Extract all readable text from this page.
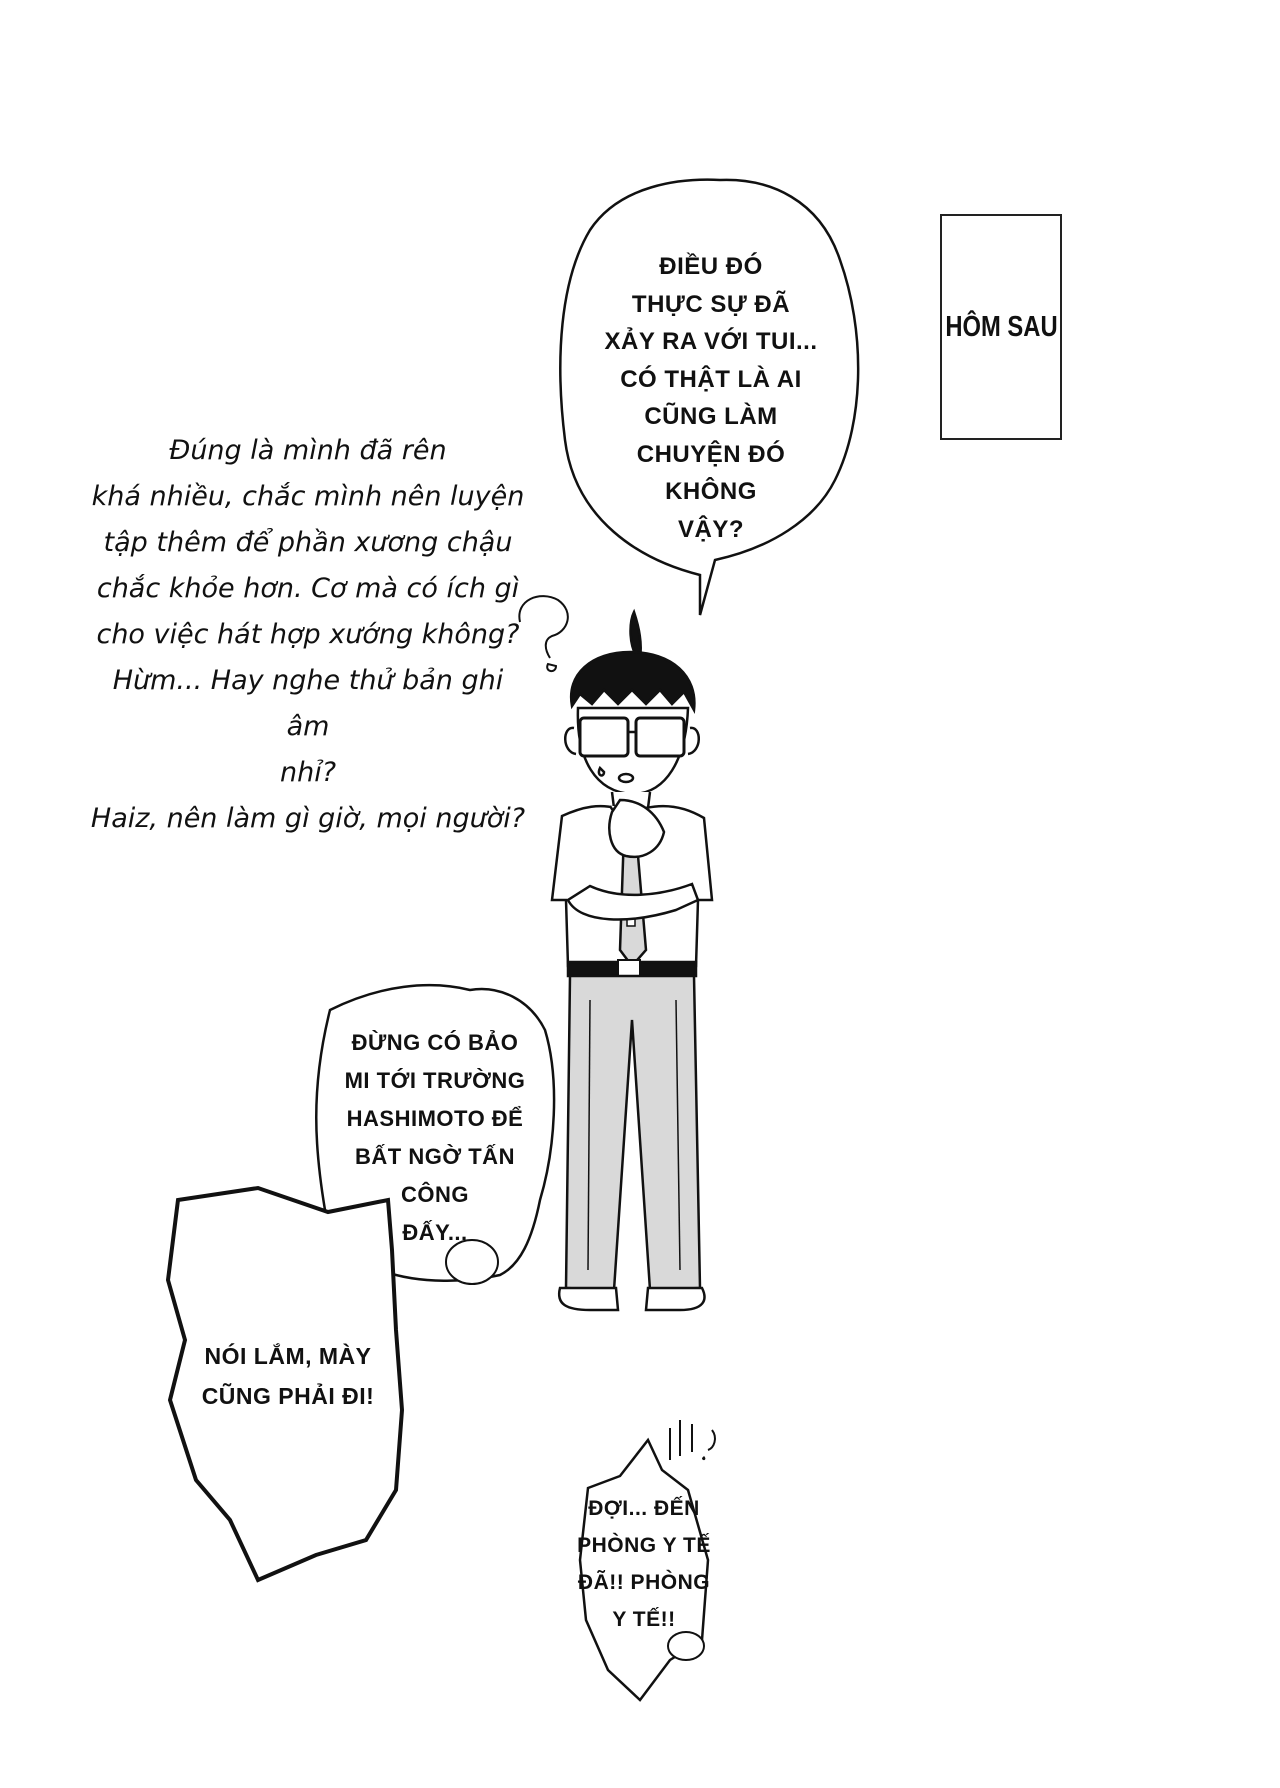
HÔM SAU
ĐIỀU ĐÓ
THỰC SỰ ĐÃ
XẢY RA VỚI TUI...
CÓ THẬT LÀ AI
CŨNG LÀM
CHUYỆN ĐÓ
KHÔNG
VẬY?
Đúng là mình đã rên
khá nhiều, chắc mình nên luyện
tập thêm để phần xương chậu
chắc khỏe hơn. Cơ mà có ích gì
cho việc hát hợp xướng không?
Hừm... Hay nghe thử bản ghi âm
nhỉ?
Haiz, nên làm gì giờ, mọi người?
ĐỪNG CÓ BẢO
MI TỚI TRƯỜNG
HASHIMOTO ĐỂ
BẤT NGỜ TẤN
CÔNG
ĐẤY...
NÓI LẮM, MÀY
CŨNG PHẢI ĐI!
ĐỢI... ĐẾN
PHÒNG Y TẾ
ĐÃ!! PHÒNG
Y TẾ!!
